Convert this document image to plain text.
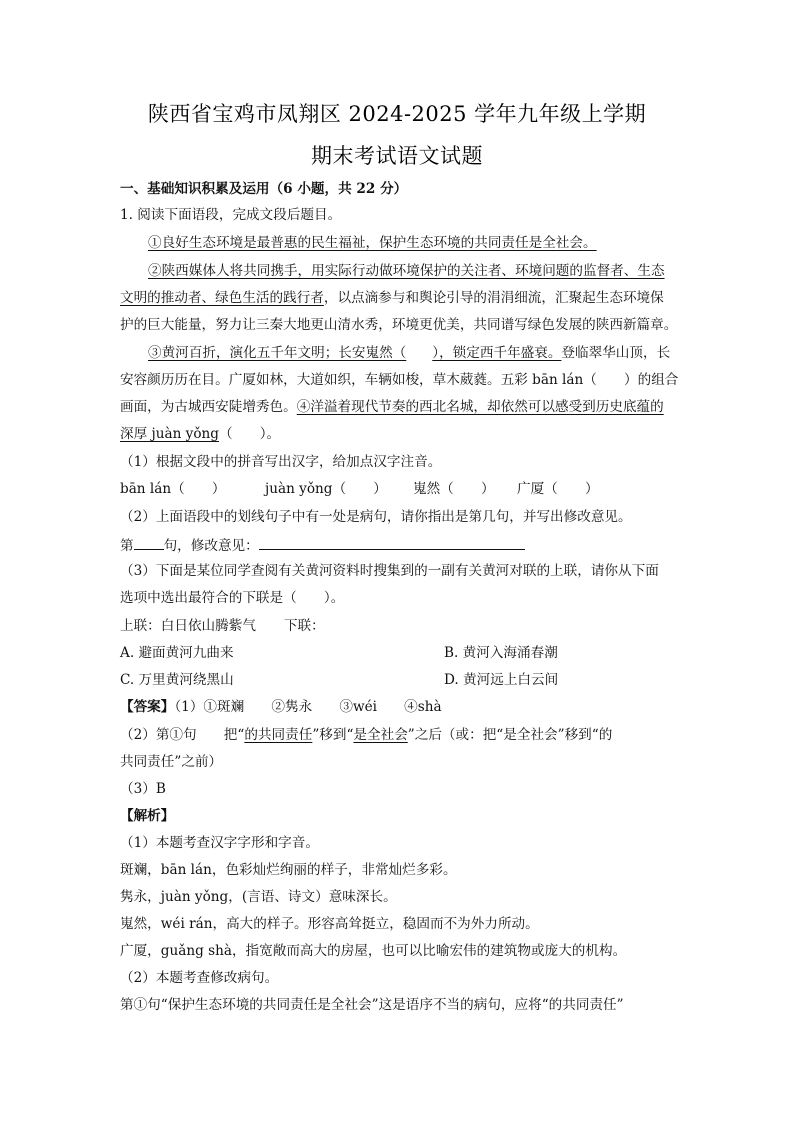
陕西省宝鸡市凤翔区 2024-2025 学年九年级上学期
期末考试语文试题
一、基础知识积累及运用（6 小题，共 22 分）
1. 阅读下面语段，完成文段后题目。
①良好生态环境是最普惠的民生福祉，保护生态环境的共同责任是全社会。
②陕西媒体人将共同携手，用实际行动做环境保护的关注者、环境问题的监督者、生态
文明的推动者、绿色生活的践行者，以点滴参与和舆论引导的涓涓细流，汇聚起生态环境保
护的巨大能量，努力让三秦大地更山清水秀，环境更优美，共同谱写绿色发展的陕西新篇章。
③黄河百折，演化五千年文明；长安嵬然（ ），锁定西千年盛衰。登临翠华山顶，长
安容颜历历在目。广厦如林，大道如织，车辆如梭，草木葳蕤。五彩 bān lán（　　）的组合
画面，为古城西安陡增秀色。④洋溢着现代节奏的西北名城，却依然可以感受到历史底蕴的
深厚 juàn yǒng（　　）。
（1）根据文段中的拼音写出汉字，给加点汉字注音。
bān lán（　　）	juàn yǒng（　　） 嵬然（　　） 广厦（　　）
（2）上面语段中的划线句子中有一处是病句，请你指出是第几句，并写出修改意见。
第 句，修改意见：
（3）下面是某位同学查阅有关黄河资料时搜集到的一副有关黄河对联的上联，请你从下面
选项中选出最符合的下联是（　　）。
上联：白日依山腾紫气 下联：
A. 避面黄河九曲来	B. 黄河入海涌春潮
C. 万里黄河绕黑山	D. 黄河远上白云间
【答案】（1）①斑斓　　②隽永　　③wéi　　④shà
（2）第①句　　把“的共同责任”移到“是全社会”之后（或：把“是全社会”移到“的
共同责任”之前）
（3）B
【解析】
（1）本题考查汉字字形和字音。
斑斓，bān lán，色彩灿烂绚丽的样子，非常灿烂多彩。
隽永，juàn yǒng，(言语、诗文）意味深长。
嵬然，wéi rán，高大的样子。形容高耸挺立，稳固而不为外力所动。
广厦，guǎng shà，指宽敞而高大的房屋，也可以比喻宏伟的建筑物或庞大的机构。
（2）本题考查修改病句。
第①句“保护生态环境的共同责任是全社会”这是语序不当的病句，应将“的共同责任”
